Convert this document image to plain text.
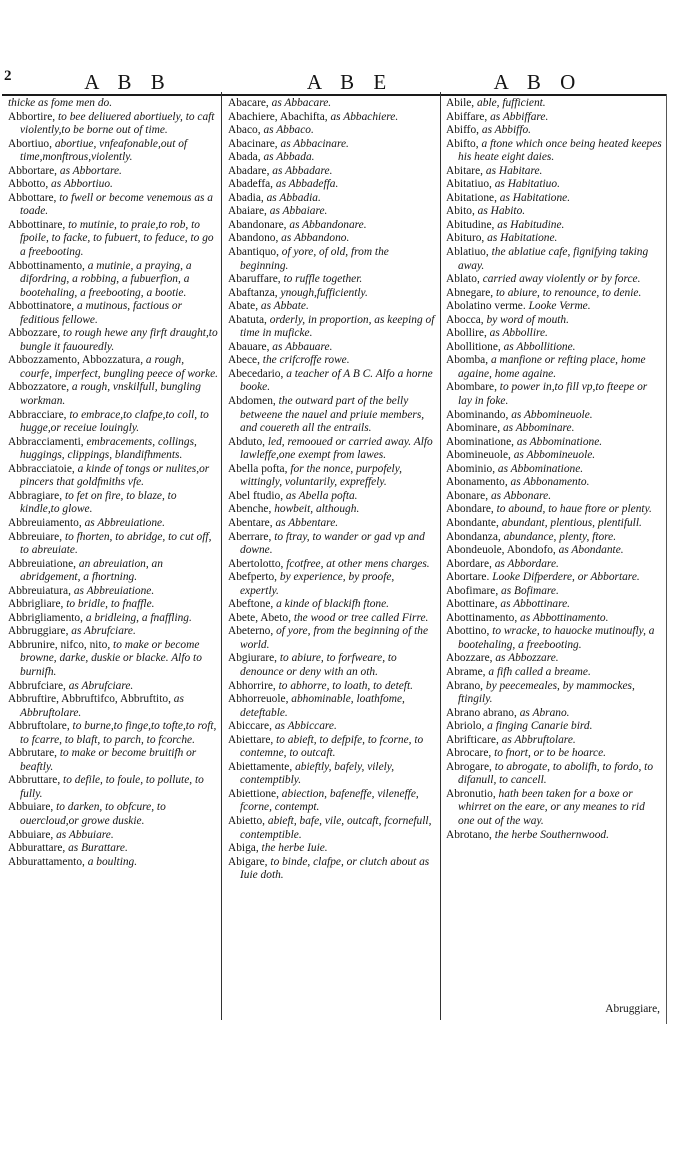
2	A B B	A B E	A B O

thicke as fome men do.

Abbortire, to bee deliuered abortiuely, to caft violently,to be borne out of time.

Abortiuo, abortiue, vnfeafonable,out of time,monftrous,violently.

Abbortare, as Abbortare.

Abbotto, as Abbortiuo.

Abbottare, to fwell or become venemous as a toade.

Abbottinare, to mutinie, to praie,to rob, to fpoile, to facke, to fubuert, to feduce, to go a freebooting.

Abbottinamento, a mutinie, a praying, a difordring, a robbing, a fubuerfion, a bootehaling, a freebooting, a bootie.

Abbottinatore, a mutinous, factious or feditious fellowe.

Abbozzare, to rough hewe any firft draught,to bungle it fauouredly.

Abbozzamento, Abbozzatura, a rough, courfe, imperfect, bungling peece of worke.

Abbozzatore, a rough, vnskilfull, bungling workman.

Abbracciare, to embrace,to clafpe,to coll, to hugge,or receiue louingly.

Abbracciamenti, embracements, collings, huggings, clippings, blandifhments.

Abbracciatoie, a kinde of tongs or nulites,or pincers that goldfmiths vfe.

Abbragiare, to fet on fire, to blaze, to kindle,to glowe.

Abbreuiamento, as Abbreuiatione.

Abbreuiare, to fhorten, to abridge, to cut off, to abreuiate.

Abbreuiatione, an abreuiation, an abridgement, a fhortning.

Abbreuiatura, as Abbreuiatione.

Abbrigliare, to bridle, to fnaffle.

Abbrigliamento, a bridleing, a fnaffling.

Abbruggiare, as Abrufciare.

Abbrunire, nifco, nito, to make or become browne, darke, duskie or blacke. Alfo to burnifh.

Abbrufciare, as Abrufciare.

Abbruftire, Abbruftifco, Abbruftito, as Abbruftolare.

Abbruftolare, to burne,to finge,to tofte,to roft, to fcarre, to blaft, to parch, to fcorche.

Abbrutare, to make or become bruitifh or beaftly.

Abbruttare, to defile, to foule, to pollute, to fully.

Abbuiare, to darken, to obfcure, to ouercloud,or growe duskie.

Abbuiare, as Abbuiare.

Abburattare, as Burattare.

Abburattamento, a boulting.

Abacare, as Abbacare.

Abachiere, Abachifta, as Abbachiere.

Abaco, as Abbaco.

Abacinare, as Abbacinare.

Abada, as Abbada.

Abadare, as Abbadare.

Abadeffa, as Abbadeffa.

Abadia, as Abbadia.

Abaiare, as Abbaiare.

Abandonare, as Abbandonare.

Abandono, as Abbandono.

Abantiquo, of yore, of old, from the beginning.

Abaruffare, to ruffle together.

Abaftanza, ynough,fufficiently.

Abate, as Abbate.

Abatuta, orderly, in proportion, as keeping of time in muficke.

Abauare, as Abbauare.

Abece, the crifcroffe rowe.

Abecedario, a teacher of A B C. Alfo a horne booke.

Abdomen, the outward part of the belly betweene the nauel and priuie members, and couereth all the entrails.

Abduto, led, remooued or carried away. Alfo lawleffe,one exempt from lawes.

Abella pofta, for the nonce, purpofely, wittingly, voluntarily, expreffely.

Abel ftudio, as Abella pofta.

Abenche, howbeit, although.

Abentare, as Abbentare.

Aberrare, to ftray, to wander or gad vp and downe.

Abertolotto, fcotfree, at other mens charges.

Abefperto, by experience, by proofe, expertly.

Abeftone, a kinde of blackifh ftone.

Abete, Abeto, the wood or tree called Firre.

Abeterno, of yore, from the beginning of the world.

Abgiurare, to abiure, to forfweare, to denounce or deny with an oth.

Abhorrire, to abhorre, to loath, to deteft.

Abhorreuole, abhominable, loathfome, deteftable.

Abiccare, as Abbiccare.

Abiettare, to abieft, to defpife, to fcorne, to contemne, to outcaft.

Abiettamente, abieftly, bafely, vilely, contemptibly.

Abiettione, abiection, bafeneffe, vileneffe, fcorne, contempt.

Abietto, abieft, bafe, vile, outcaft, fcornefull, contemptible.

Abiga, the herbe Iuie.

Abigare, to binde, clafpe, or clutch about as Iuie doth.

Abile, able, fufficient.

Abiffare, as Abbiffare.

Abiffo, as Abbiffo.

Abifto, a ftone which once being heated keepes his heate eight daies.

Abitare, as Habitare.

Abitatiuo, as Habitatiuo.

Abitatione, as Habitatione.

Abito, as Habito.

Abitudine, as Habitudine.

Abituro, as Habitatione.

Ablatiuo, the ablatiue cafe, fignifying taking away.

Ablato, carried away violently or by force.

Abnegare, to abiure, to renounce, to denie.

Abolatino verme. Looke Verme.

Abocca, by word of mouth.

Abollire, as Abbollire.

Abollitione, as Abbollitione.

Abomba, a manfione or refting place, home againe, home againe.

Abombare, to power in,to fill vp,to fteepe or lay in foke.

Abominando, as Abbomineuole.

Abominare, as Abbominare.

Abominatione, as Abbominatione.

Abomineuole, as Abbomineuole.

Abominio, as Abbominatione.

Abonamento, as Abbonamento.

Abonare, as Abbonare.

Abondare, to abound, to haue ftore or plenty.

Abondante, abundant, plentious, plentifull.

Abondanza, abundance, plenty, ftore.

Abondeuole, Abondofo, as Abondante.

Abordare, as Abbordare.

Abortare. Looke Difperdere, or Abbortare.

Abofimare, as Bofimare.

Abottinare, as Abbottinare.

Abottinamento, as Abbottinamento.

Abottino, to wracke, to hauocke mutinoufly, a bootehaling, a freebooting.

Abozzare, as Abbozzare.

Abrame, a fifh called a breame.

Abrano, by peecemeales, by mammockes, ftingily.

Abrano abrano, as Abrano.

Abriolo, a finging Canarie bird.

Abrifticare, as Abbruftolare.

Abrocare, to fnort, or to be hoarce.

Abrogare, to abrogate, to abolifh, to fordo, to difanull, to cancell.

Abronutio, hath been taken for a boxe or whirret on the eare, or any meanes to rid one out of the way.

Abrotano, the herbe Southernwood.

Abruggiare,
